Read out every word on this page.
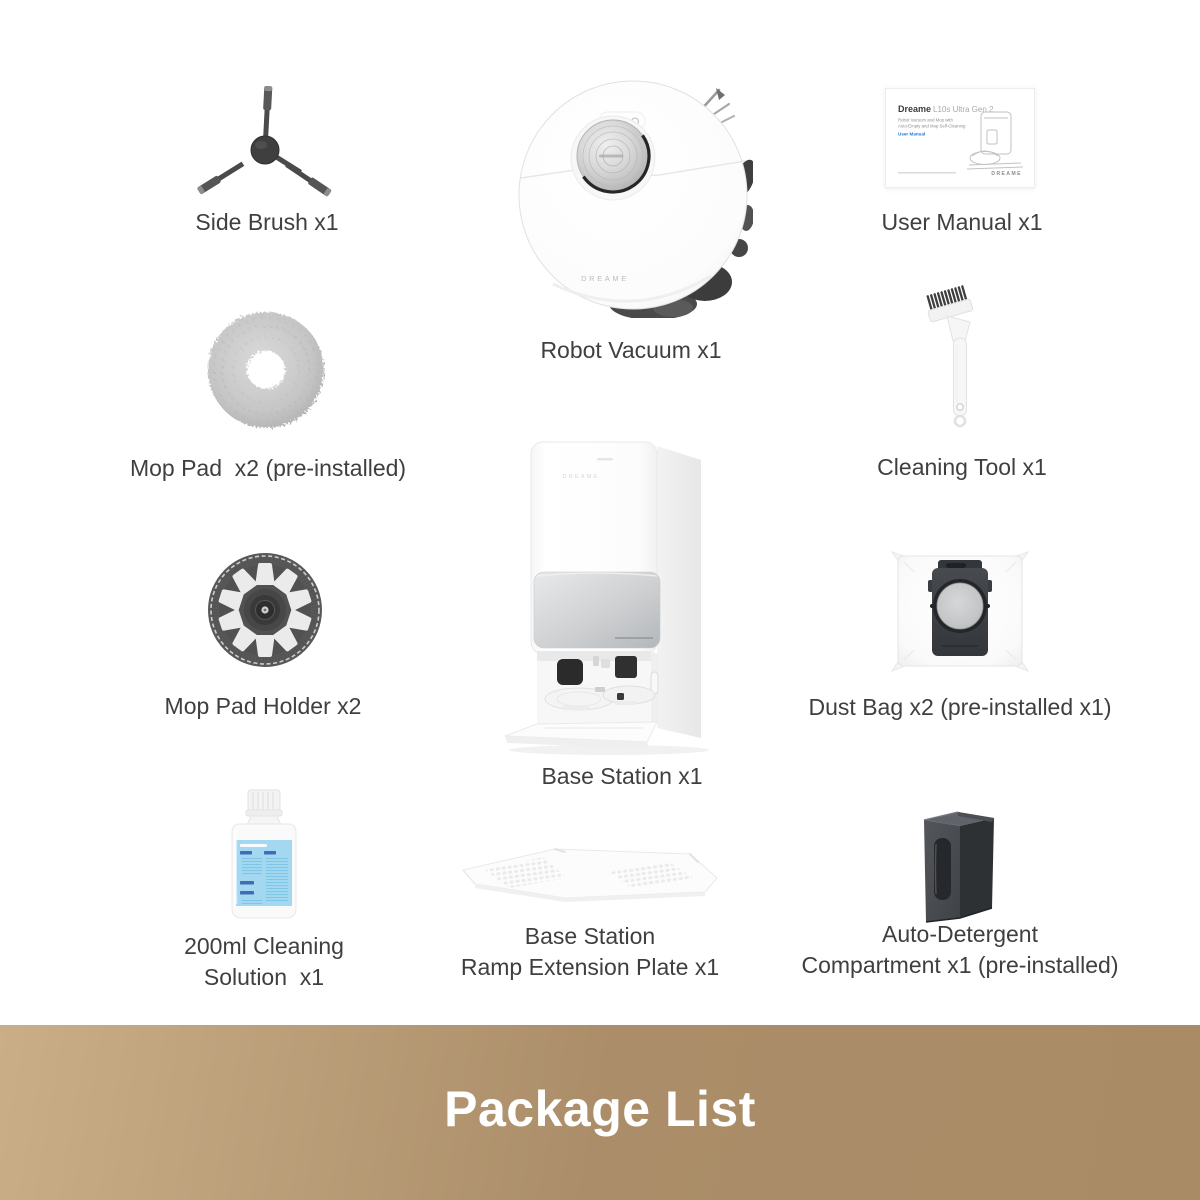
Side Brush x1
DREAME
Robot Vacuum x1
Dreame L10s Ultra Gen 2
Robot Vacuum and Mop with
Auto-Empty and Mop Self-Cleaning
User Manual
DREAME
User Manual x1
Mop Pad  x2 (pre-installed)	Cleaning Tool x1
Mop Pad Holder x2
DREAME
Base Station x1
Dust Bag x2 (pre-installed x1)
200ml Cleaning
Solution  x1
Base Station
Ramp Extension Plate x1
Auto-Detergent
Compartment x1 (pre-installed)
Package List
